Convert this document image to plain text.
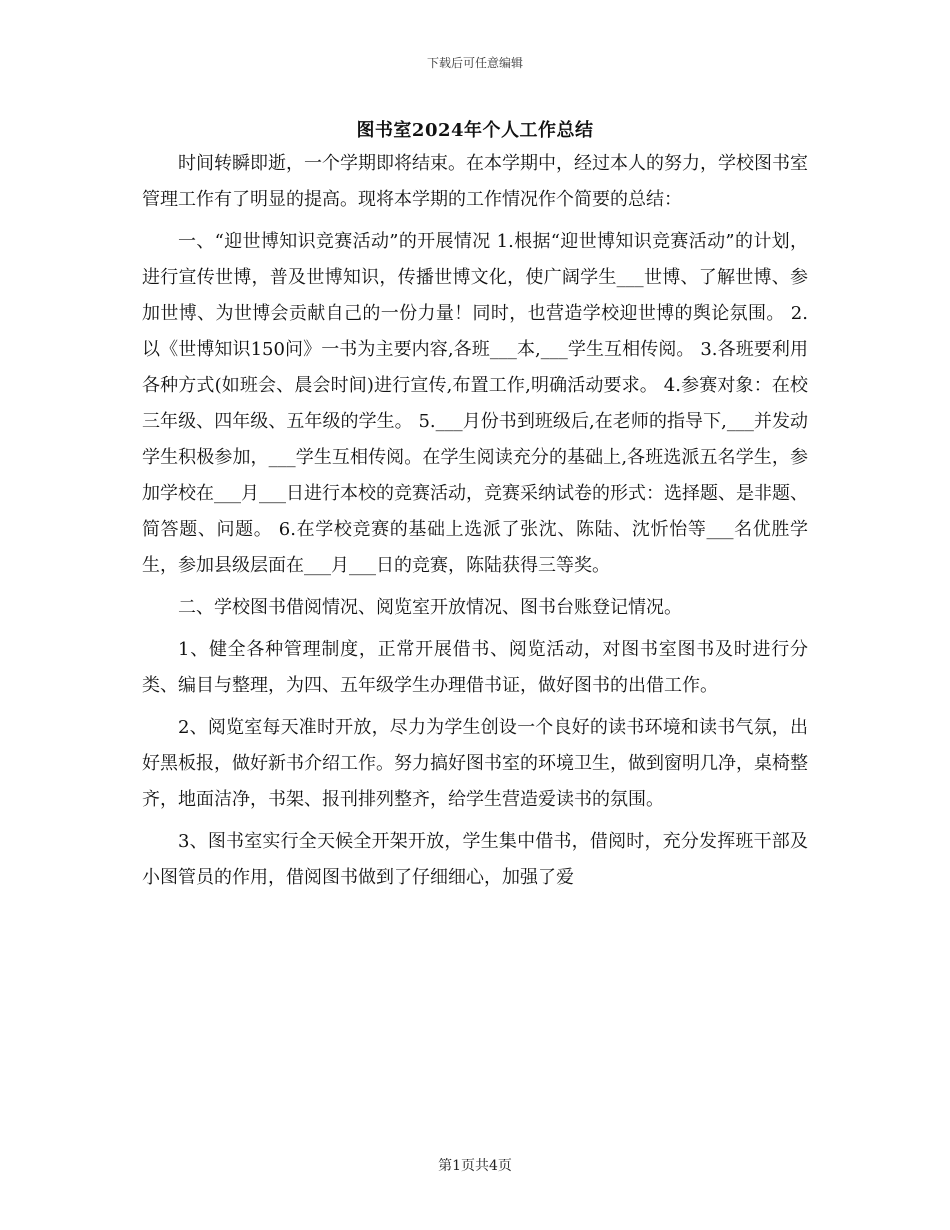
下载后可任意编辑
图书室2024年个人工作总结

时间转瞬即逝，一个学期即将结束。在本学期中，经过本人的努力，学校图书室管理工作有了明显的提高。现将本学期的工作情况作个简要的总结：

一、“迎世博知识竞赛活动”的开展情况 1.根据“迎世博知识竞赛活动”的计划，进行宣传世博，普及世博知识，传播世博文化，使广阔学生___世博、了解世博、参加世博、为世博会贡献自己的一份力量！同时，也营造学校迎世博的舆论氛围。 2.以《世博知识150问》一书为主要内容,各班___本,___学生互相传阅。 3.各班要利用各种方式(如班会、晨会时间)进行宣传,布置工作,明确活动要求。 4.参赛对象：在校三年级、四年级、五年级的学生。 5.___月份书到班级后,在老师的指导下,___并发动学生积极参加，___学生互相传阅。在学生阅读充分的基础上,各班选派五名学生，参加学校在___月___日进行本校的竞赛活动，竞赛采纳试卷的形式：选择题、是非题、简答题、问题。 6.在学校竞赛的基础上选派了张沈、陈陆、沈忻怡等___名优胜学生，参加县级层面在___月___日的竞赛，陈陆获得三等奖。

二、学校图书借阅情况、阅览室开放情况、图书台账登记情况。

1、健全各种管理制度，正常开展借书、阅览活动，对图书室图书及时进行分类、编目与整理，为四、五年级学生办理借书证，做好图书的出借工作。

2、阅览室每天准时开放，尽力为学生创设一个良好的读书环境和读书气氛，出好黑板报，做好新书介绍工作。努力搞好图书室的环境卫生，做到窗明几净，桌椅整齐，地面洁净，书架、报刊排列整齐，给学生营造爱读书的氛围。

3、图书室实行全天候全开架开放，学生集中借书，借阅时，充分发挥班干部及小图管员的作用，借阅图书做到了仔细细心，加强了爱

第1页共4页
